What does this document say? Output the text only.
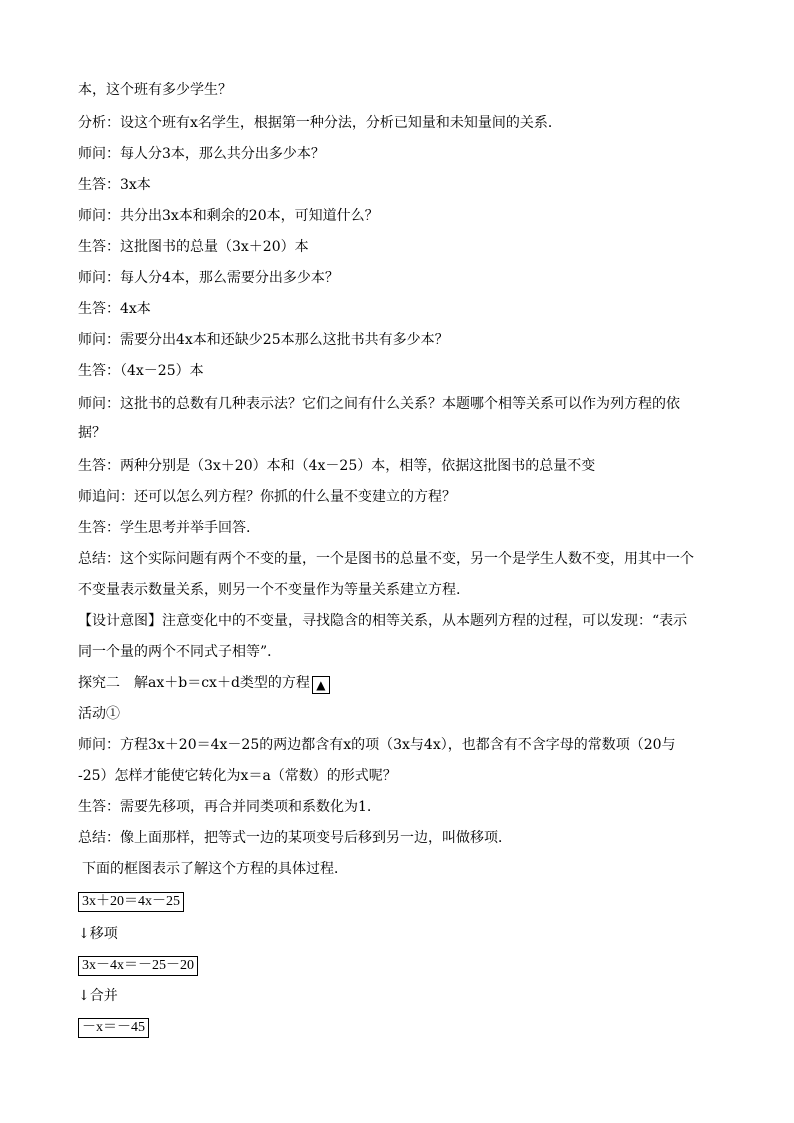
本，这个班有多少学生？
分析：设这个班有x名学生，根据第一种分法，分析已知量和未知量间的关系．
师问：每人分3本，那么共分出多少本？
生答：3x本
师问：共分出3x本和剩余的20本，可知道什么？
生答：这批图书的总量（3x＋20）本
师问：每人分4本，那么需要分出多少本？
生答：4x本
师问：需要分出4x本和还缺少25本那么这批书共有多少本？
生答：（4x－25）本
师问：这批书的总数有几种表示法？它们之间有什么关系？本题哪个相等关系可以作为列方程的依
据？
生答：两种分别是（3x＋20）本和（4x－25）本，相等，依据这批图书的总量不变
师追问：还可以怎么列方程？你抓的什么量不变建立的方程？
生答：学生思考并举手回答.
总结：这个实际问题有两个不变的量，一个是图书的总量不变，另一个是学生人数不变，用其中一个
不变量表示数量关系，则另一个不变量作为等量关系建立方程.
【设计意图】注意变化中的不变量，寻找隐含的相等关系，从本题列方程的过程，可以发现：“表示
同一个量的两个不同式子相等”．
探究二　解ax＋b＝cx＋d类型的方程 ▲
活动①
师问：方程3x＋20＝4x－25的两边都含有x的项（3x与4x），也都含有不含字母的常数项（20与
-25）怎样才能使它转化为x＝a（常数）的形式呢？
生答：需要先移项，再合并同类项和系数化为1.
总结：像上面那样，把等式一边的某项变号后移到另一边，叫做移项．
下面的框图表示了解这个方程的具体过程．
3x＋20＝4x－25
↓移项
3x－4x＝－25－20
↓合并
－x＝－45
